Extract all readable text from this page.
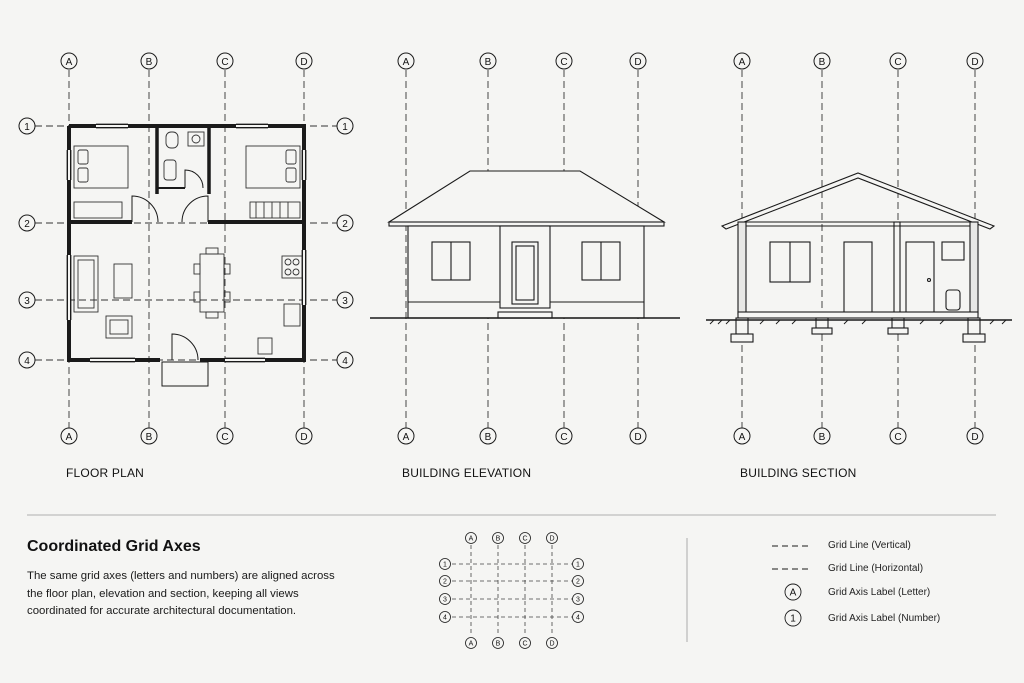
A	B	C	D
A	B	C	D
1
2
3
4
1
2
3
4
A	B	C	D
A	B	C	D
A	B	C	D
A	B	C	D
A	B	C	D
A	B	C	D
1
2
3
4
1
2
3
4
A
1
FLOOR PLAN	BUILDING ELEVATION	BUILDING SECTION
Coordinated Grid Axes
The same grid axes (letters and numbers) are aligned across the floor plan, elevation and section, keeping all views coordinated for accurate architectural documentation.
Grid Line (Vertical)
Grid Line (Horizontal)
Grid Axis Label (Letter)
Grid Axis Label (Number)
